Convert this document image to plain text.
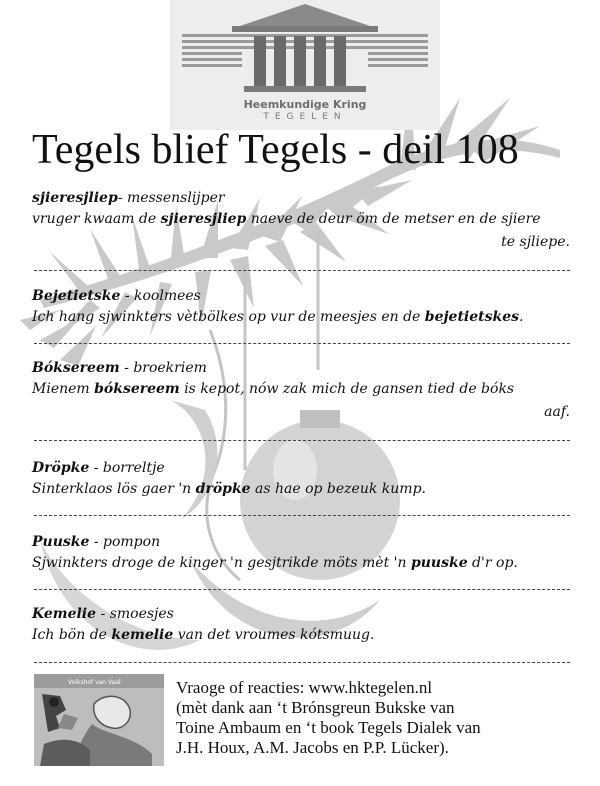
Heemkundige Kring
TEGELEN
Tegels blief Tegels - deil 108
sjieresjliep- messenslijper
vruger kwaam de sjieresjliep naeve de deur öm de metser en de sjiere
te sjliepe.
Bejetietske - koolmees
Ich hang sjwinkters vètbölkes op vur de meesjes en de bejetietskes.
Bóksereem - broekriem
Mienem bóksereem is kepot, nów zak mich de gansen tied de bóks
aaf.
Dröpke - borreltje
Sinterklaos lös gaer 'n dröpke as hae op bezeuk kump.
Puuske - pompon
Sjwinkters droge de kinger 'n gesjtrikde möts mèt 'n puuske d'r op.
Kemelie - smoesjes
Ich bön de kemelie van det vroumes kótsmuug.
Volkshof van Vaal	Vraoge of reacties: www.hktegelen.nl
(mèt dank aan ‘t Brónsgreun Bukske van
Toine Ambaum en ‘t book Tegels Dialek van
J.H. Houx, A.M. Jacobs en P.P. Lücker).
